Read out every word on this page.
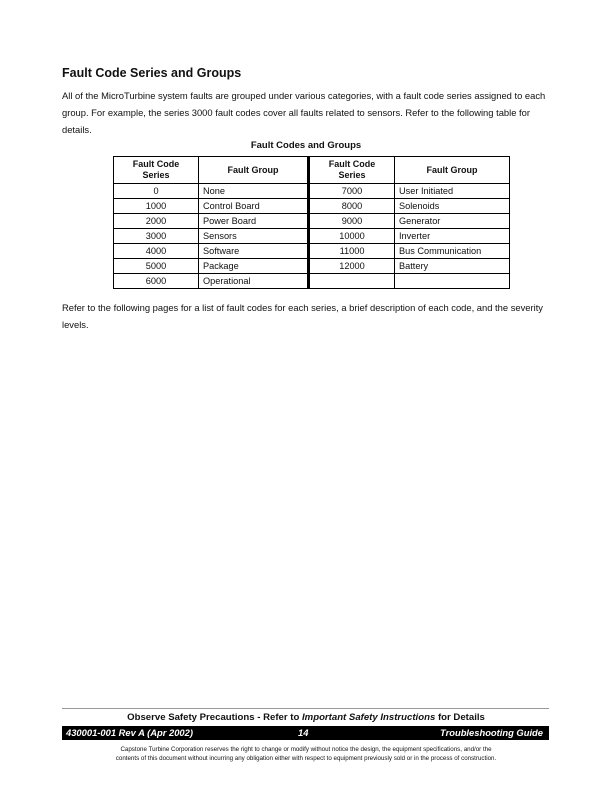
Fault Code Series and Groups

All of the MicroTurbine system faults are grouped under various categories, with a fault code series assigned to each group. For example, the series 3000 fault codes cover all faults related to sensors. Refer to the following table for details.

Fault Codes and Groups
Fault Code Series	Fault Group	Fault Code Series	Fault Group
0	None	7000	User Initiated
1000	Control Board	8000	Solenoids
2000	Power Board	9000	Generator
3000	Sensors	10000	Inverter
4000	Software	11000	Bus Communication
5000	Package	12000	Battery
6000	Operational		

Refer to the following pages for a list of fault codes for each series, a brief description of each code, and the severity levels.

Observe Safety Precautions - Refer to Important Safety Instructions for Details
430001-001 Rev A (Apr 2002)	14	Troubleshooting Guide
Capstone Turbine Corporation reserves the right to change or modify without notice the design, the equipment specifications, and/or the
contents of this document without incurring any obligation either with respect to equipment previously sold or in the process of construction.
